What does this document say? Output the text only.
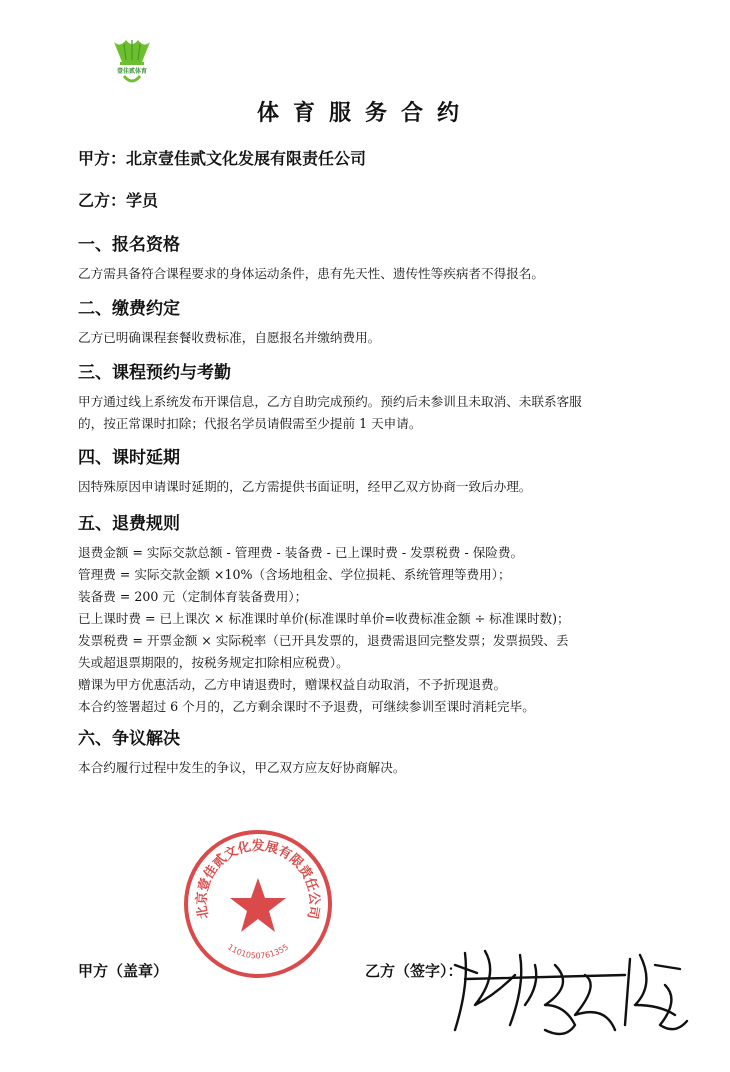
壹佳贰体育
体育服务合约
甲方：北京壹佳贰文化发展有限责任公司
乙方：学员
一、报名资格

乙方需具备符合课程要求的身体运动条件，患有先天性、遗传性等疾病者不得报名。

二、缴费约定

乙方已明确课程套餐收费标准，自愿报名并缴纳费用。

三、课程预约与考勤

甲方通过线上系统发布开课信息，乙方自助完成预约。预约后未参训且未取消、未联系客服

的，按正常课时扣除；代报名学员请假需至少提前 1 天申请。

四、课时延期

因特殊原因申请课时延期的，乙方需提供书面证明，经甲乙双方协商一致后办理。

五、退费规则

退费金额 = 实际交款总额 - 管理费 - 装备费 - 已上课时费 - 发票税费 - 保险费。

管理费 = 实际交款金额 ×10%（含场地租金、学位损耗、系统管理等费用）；

装备费 = 200 元（定制体育装备费用）；

已上课时费 = 已上课次 × 标准课时单价(标准课时单价=收费标准金额 ÷ 标准课时数)；

发票税费 = 开票金额 × 实际税率（已开具发票的，退费需退回完整发票；发票损毁、丢

失或超退票期限的，按税务规定扣除相应税费）。

赠课为甲方优惠活动，乙方申请退费时，赠课权益自动取消，不予折现退费。

本合约签署超过 6 个月的，乙方剩余课时不予退费，可继续参训至课时消耗完毕。

六、争议解决

本合约履行过程中发生的争议，甲乙双方应友好协商解决。

北京壹佳贰文化发展有限责任公司
1101050761355
甲方（盖章）	乙方（签字）：
